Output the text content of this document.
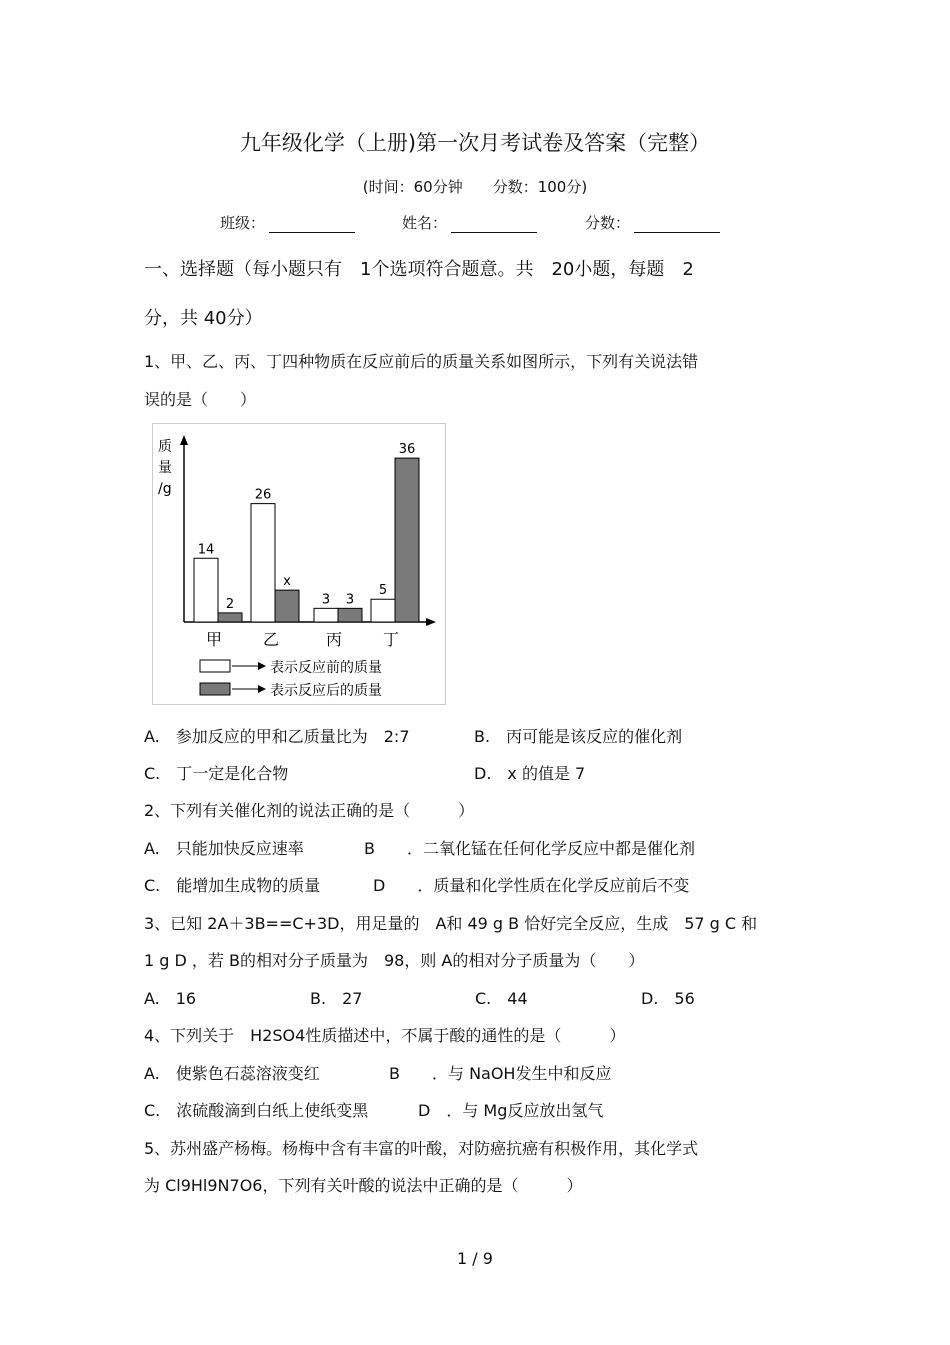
九年级化学（上册)第一次月考试卷及答案（完整）
(时间：60分钟　　分数：100分)
班级：	姓名：	分数：
一、选择题（每小题只有　1个选项符合题意。共　20小题，每题　2
分，共 40分）
1、甲、乙、丙、丁四种物质在反应前后的质量关系如图所示，下列有关说法错
误的是（　　）
质
量
/g
14
2
26
x
3 3
5
36
甲	乙	丙	丁
表示反应前的质量
表示反应后的质量
A.　参加反应的甲和乙质量比为　2:7	B.　丙可能是该反应的催化剂
C.　丁一定是化合物	D.　x 的值是 7
2、下列有关催化剂的说法正确的是（　　　）
A.　只能加快反应速率	B　　．二氧化锰在任何化学反应中都是催化剂
C.　能增加生成物的质量	D　　．质量和化学性质在化学反应前后不变
3、已知 2A＋3B==C+3D，用足量的　A和 49 g B 恰好完全反应，生成　57 g C 和
1 g D ，若 B的相对分子质量为　98，则 A的相对分子质量为（　　）
A.　16	B.　27	C.　44	D.　56
4、下列关于　H2SO4性质描述中，不属于酸的通性的是（　　　）
A.　使紫色石蕊溶液变红	B　　．与 NaOH发生中和反应
C.　浓硫酸滴到白纸上使纸变黑	D　．与 Mg反应放出氢气
5、苏州盛产杨梅。杨梅中含有丰富的叶酸，对防癌抗癌有积极作用，其化学式
为 Cl9Hl9N7O6，下列有关叶酸的说法中正确的是（　　　）
1 / 9
